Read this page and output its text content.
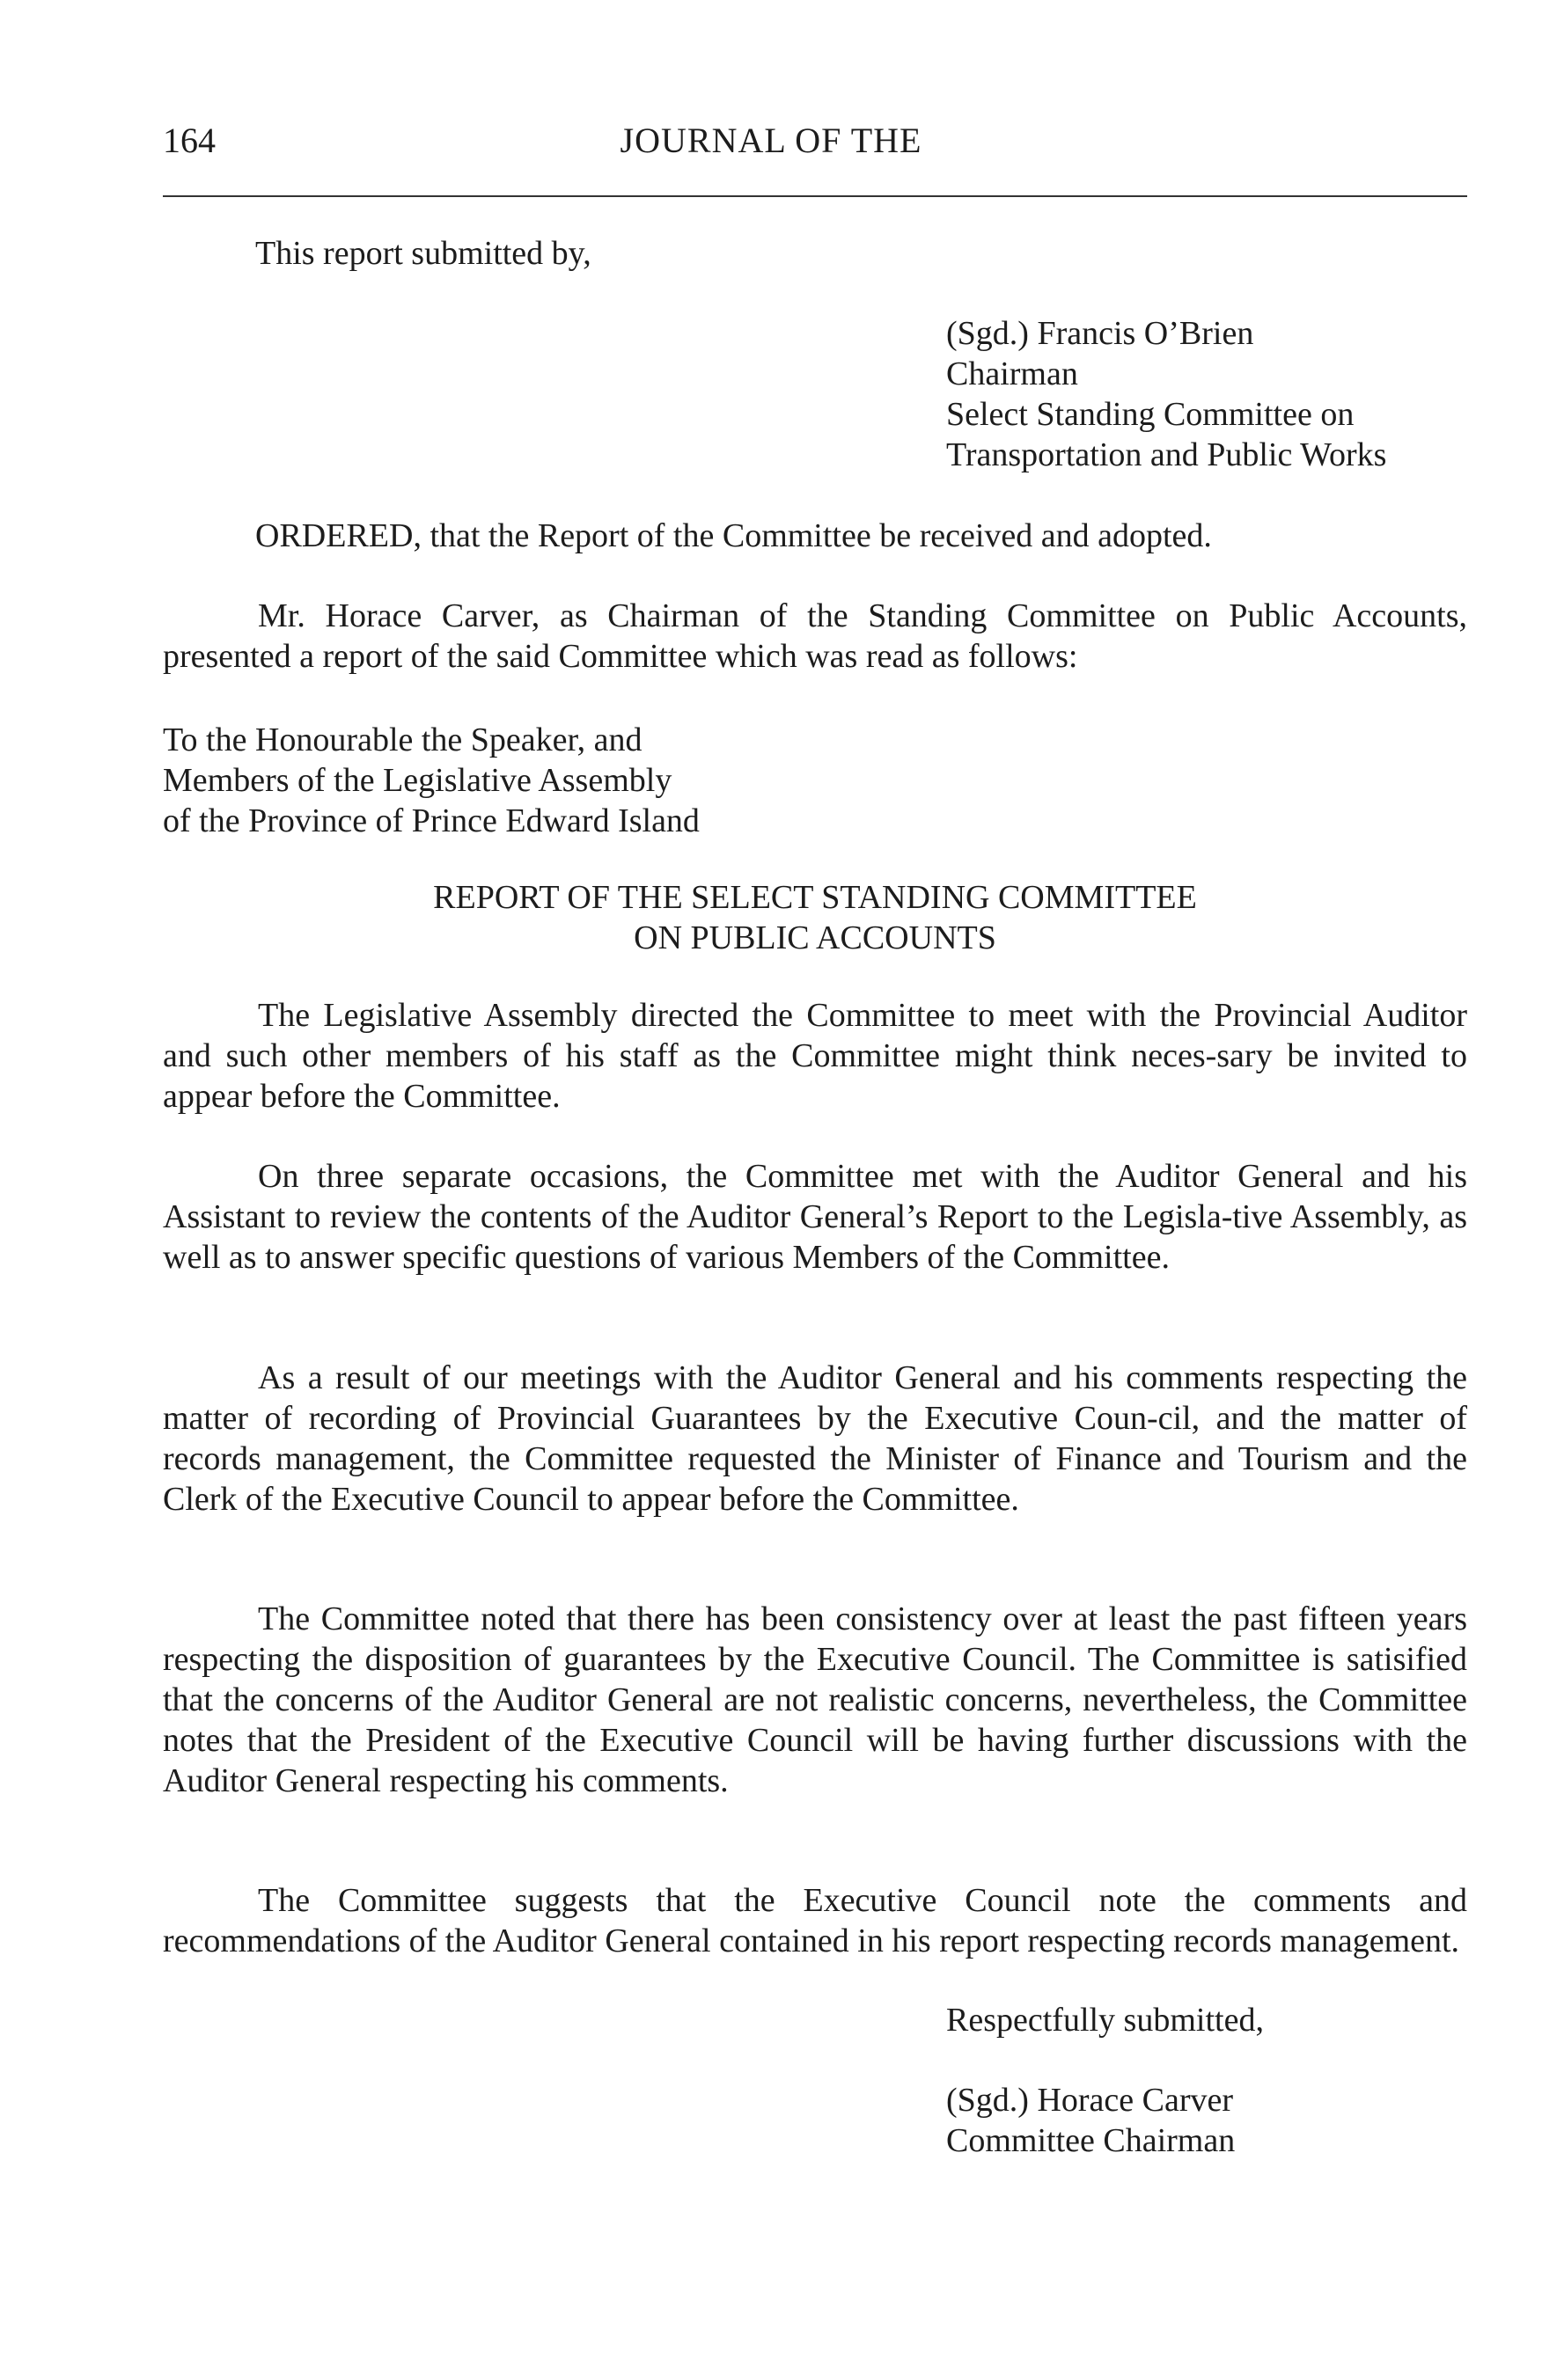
164	JOURNAL OF THE

This report submitted by,

(Sgd.) Francis O’Brien
Chairman
Select Standing Committee on
Transportation and Public Works

ORDERED, that the Report of the Committee be received and adopted.

Mr. Horace Carver, as Chairman of the Standing Committee on Public Accounts, presented a report of the said Committee which was read as follows:

To the Honourable the Speaker, and
Members of the Legislative Assembly
of the Province of Prince Edward Island
REPORT OF THE SELECT STANDING COMMITTEE
ON PUBLIC ACCOUNTS

The Legislative Assembly directed the Committee to meet with the Provincial Auditor and such other members of his staff as the Committee might think neces-sary be invited to appear before the Committee.

On three separate occasions, the Committee met with the Auditor General and his Assistant to review the contents of the Auditor General’s Report to the Legisla-tive Assembly, as well as to answer specific questions of various Members of the Committee.

As a result of our meetings with the Auditor General and his comments respecting the matter of recording of Provincial Guarantees by the Executive Coun-cil, and the matter of records management, the Committee requested the Minister of Finance and Tourism and the Clerk of the Executive Council to appear before the Committee.

The Committee noted that there has been consistency over at least the past fifteen years respecting the disposition of guarantees by the Executive Council. The Committee is satisified that the concerns of the Auditor General are not realistic concerns, nevertheless, the Committee notes that the President of the Executive Council will be having further discussions with the Auditor General respecting his comments.

The Committee suggests that the Executive Council note the comments and recommendations of the Auditor General contained in his report respecting records management.

Respectfully submitted,

(Sgd.) Horace Carver
Committee Chairman
